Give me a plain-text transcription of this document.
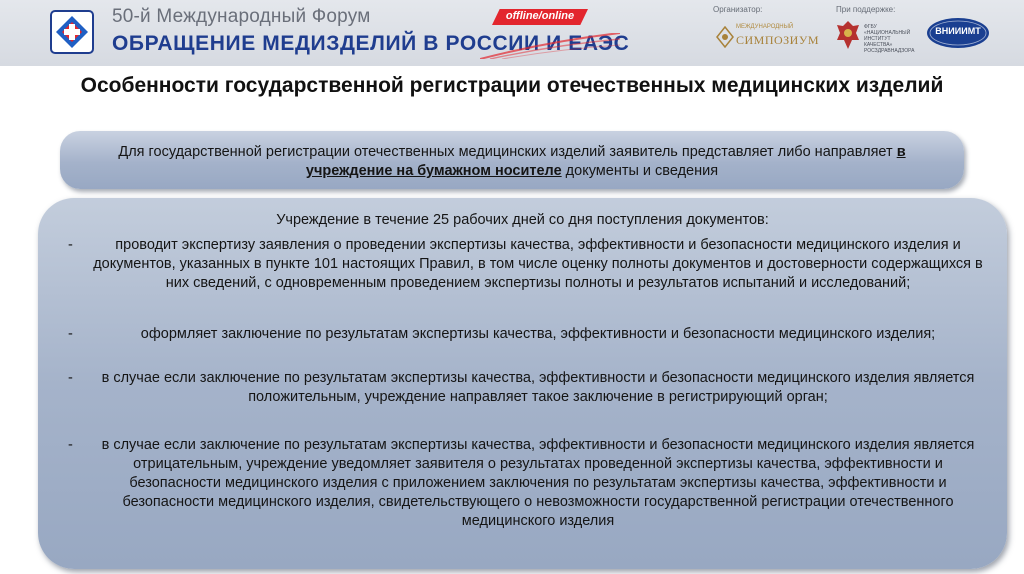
50-й Международный Форум
ОБРАЩЕНИЕ МЕДИЗДЕЛИЙ В РОССИИ И ЕАЭС
offline/online
Организатор:	При поддержке:
МЕЖДУНАРОДНЫЙ
СИМПОЗИУМ
ФГБУ «НАЦИОНАЛЬНЫЙ ИНСТИТУТ КАЧЕСТВА» РОСЗДРАВНАДЗОРА
ВНИИИМТ
Особенности государственной регистрации отечественных медицинских изделий

Для государственной регистрации отечественных медицинских изделий заявитель представляет либо направляет в учреждение на бумажном носителе документы и сведения

Учреждение в течение 25 рабочих дней со дня поступления документов:
-	проводит экспертизу заявления о проведении экспертизы качества, эффективности и безопасности медицинского изделия и документов, указанных в пункте 101 настоящих Правил, в том числе оценку полноты документов и достоверности содержащихся в них сведений, с одновременным проведением экспертизы полноты и результатов испытаний и исследований;
-	оформляет заключение по результатам экспертизы качества, эффективности и безопасности медицинского изделия;
-	в случае если заключение по результатам экспертизы качества, эффективности и безопасности медицинского изделия является положительным, учреждение направляет такое заключение в регистрирующий орган;
-	в случае если заключение по результатам экспертизы качества, эффективности и безопасности медицинского изделия является отрицательным, учреждение уведомляет заявителя о результатах проведенной экспертизы качества, эффективности и безопасности медицинского изделия с приложением заключения по результатам экспертизы качества, эффективности и безопасности медицинского изделия, свидетельствующего о невозможности государственной регистрации отечественного медицинского изделия
